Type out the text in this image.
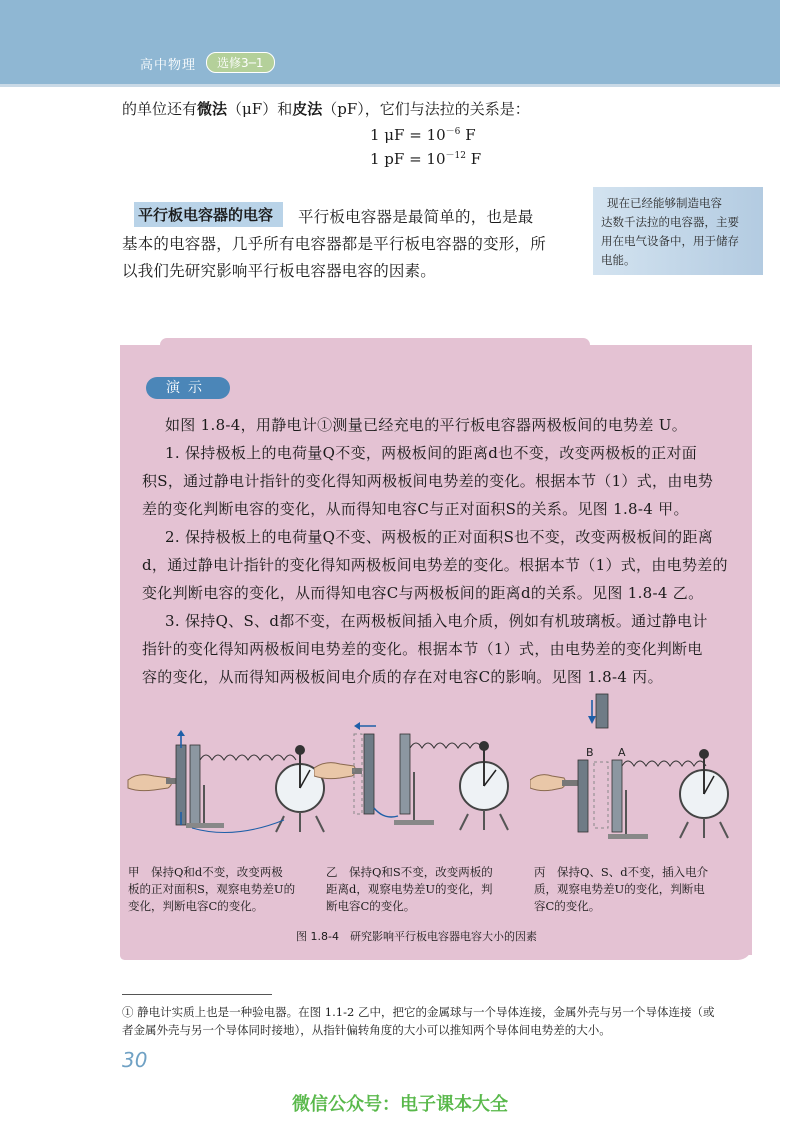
高中物理	选修3─1
的单位还有微法（μF）和皮法（pF），它们与法拉的关系是：
1 $\mu F = 10^{-6}$ F
1 pF = $10^{-12}$ F
平行板电容器的电容	平行板电容器是最简单的，也是最
基本的电容器，几乎所有电容器都是平行板电容器的变形，所
以我们先研究影响平行板电容器电容的因素。
现在已经能够制造电容
达数千法拉的电容器，主要
用在电气设备中，用于储存
电能。
演示
如图 1.8-4，用静电计①测量已经充电的平行板电容器两极板间的电势差 U。
1. 保持极板上的电荷量Q不变，两极板间的距离d也不变，改变两极板的正对面
积S，通过静电计指针的变化得知两极板间电势差的变化。根据本节（1）式，由电势
差的变化判断电容的变化，从而得知电容C与正对面积S的关系。见图 1.8-4 甲。
2. 保持极板上的电荷量Q不变、两极板的正对面积S也不变，改变两极板间的距离
d，通过静电计指针的变化得知两极板间电势差的变化。根据本节（1）式，由电势差的
变化判断电容的变化，从而得知电容C与两极板间的距离d的关系。见图 1.8-4 乙。
3. 保持Q、S、d都不变，在两极板间插入电介质，例如有机玻璃板。通过静电计
指针的变化得知两极板间电势差的变化。根据本节（1）式，由电势差的变化判断电
容的变化，从而得知两极板间电介质的存在对电容C的影响。见图 1.8-4 丙。
B A
甲　保持Q和d不变，改变两极
板的正对面积S，观察电势差U的
变化，判断电容C的变化。
乙　保持Q和S不变，改变两板的
距离d，观察电势差U的变化，判
断电容C的变化。
丙　保持Q、S、d不变，插入电介
质，观察电势差U的变化，判断电
容C的变化。
图 1.8-4　研究影响平行板电容器电容大小的因素
① 静电计实质上也是一种验电器。在图 1.1-2 乙中，把它的金属球与一个导体连接，金属外壳与另一个导体连接（或
者金属外壳与另一个导体同时接地），从指针偏转角度的大小可以推知两个导体间电势差的大小。
30
微信公众号：电子课本大全
